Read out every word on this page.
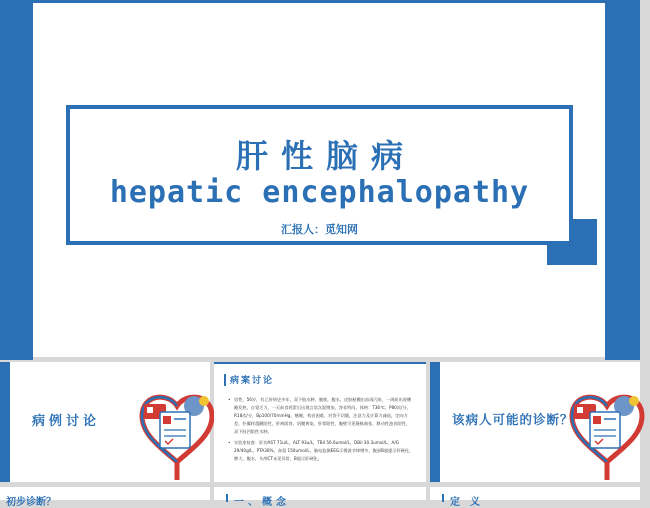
肝性脑病
hepatic encephalopathy
汇报人：觅知网
病例讨论
病案讨论
• 男性，56岁，有乙肝病史多年，双下肢水肿，腹胀，腹水，皮肤粘膜出血再闪来，一周前出现嗜睡发热，自觉乏力，一天前食鸡蛋后出现言语含混增加，答非所问。体格：T36℃，P80次/分，R18次/分，Bp100/70mmHg，嗜睡，构音困难，对答不切题，注意力及计算力减退，定向力差，扑翼样震颤阳性，肝病面容，巩膜黄染，肝掌阳性，腹壁可见静脉曲张，移动性浊音阳性，双下肢凹陷性水肿。
• 实验室检查：肝功AST 71u/L，ALT 93u/L，TBil 56.6umol/L，DBil 30.3umol/L，A/G 29/40g/L，PTA38%，血氨 150umol/L，脑电监测EEG示慢波节律增多，腹部B超提示肝硬化、脾大、腹水，头颅CT未见异常，B超示肝硬化。
该病人可能的诊断？
初步诊断？	一、概念	定义
